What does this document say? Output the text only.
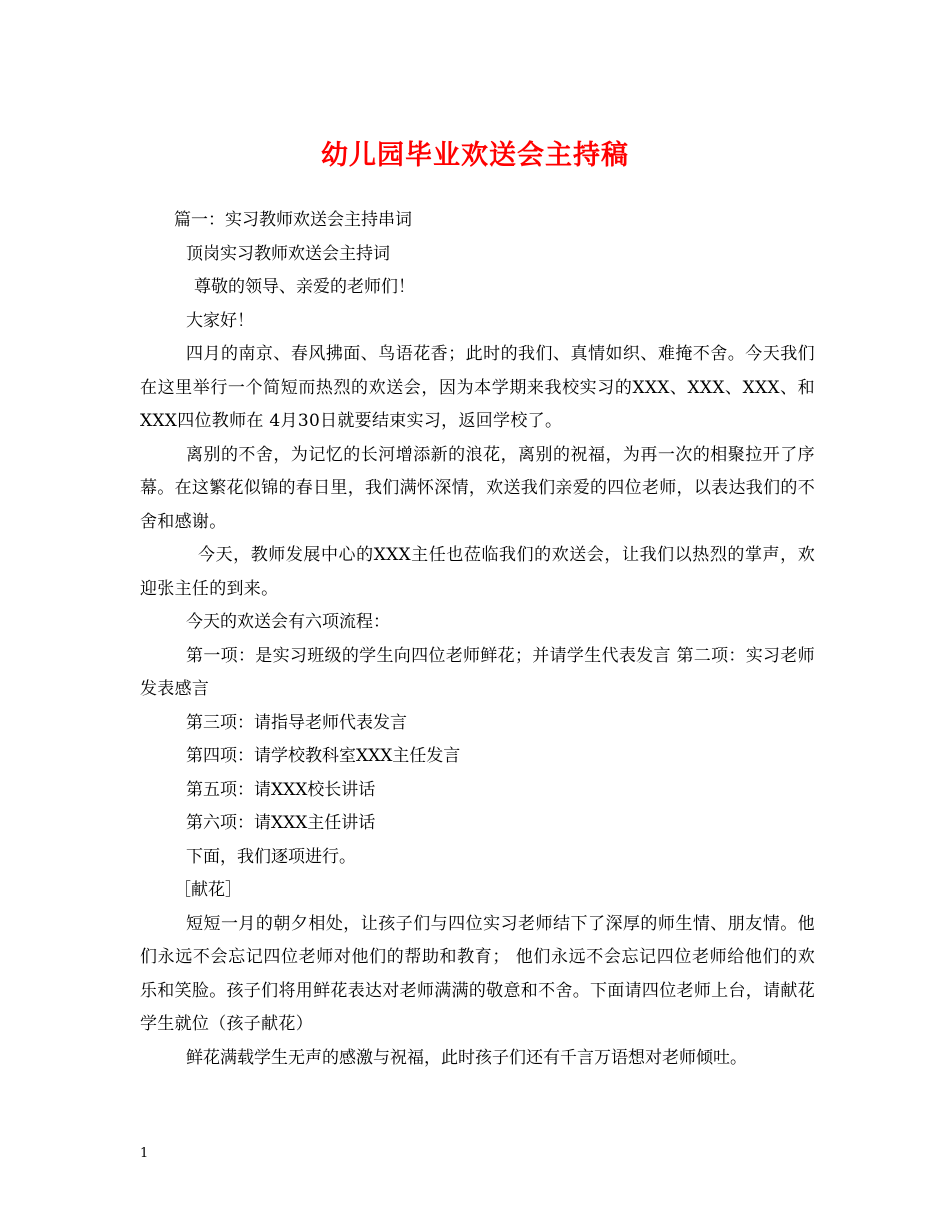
幼儿园毕业欢送会主持稿

篇一：实习教师欢送会主持串词

顶岗实习教师欢送会主持词

尊敬的领导、亲爱的老师们！

大家好！

四月的南京、春风拂面、鸟语花香；此时的我们、真情如织、难掩不舍。今天我们在这里举行一个简短而热烈的欢送会，因为本学期来我校实习的XXX、XXX、XXX、和XXX四位教师在 4月30日就要结束实习，返回学校了。

离别的不舍，为记忆的长河增添新的浪花，离别的祝福，为再一次的相聚拉开了序幕。在这繁花似锦的春日里，我们满怀深情，欢送我们亲爱的四位老师，以表达我们的不舍和感谢。

今天，教师发展中心的XXX主任也莅临我们的欢送会，让我们以热烈的掌声，欢迎张主任的到来。

今天的欢送会有六项流程：

第一项：是实习班级的学生向四位老师鲜花；并请学生代表发言 第二项：实习老师发表感言

第三项：请指导老师代表发言

第四项：请学校教科室XXX主任发言

第五项：请XXX校长讲话

第六项：请XXX主任讲话

下面，我们逐项进行。

［献花］

短短一月的朝夕相处，让孩子们与四位实习老师结下了深厚的师生情、朋友情。他们永远不会忘记四位老师对他们的帮助和教育； 他们永远不会忘记四位老师给他们的欢乐和笑脸。孩子们将用鲜花表达对老师满满的敬意和不舍。下面请四位老师上台，请献花学生就位（孩子献花）

鲜花满载学生无声的感激与祝福，此时孩子们还有千言万语想对老师倾吐。

1
